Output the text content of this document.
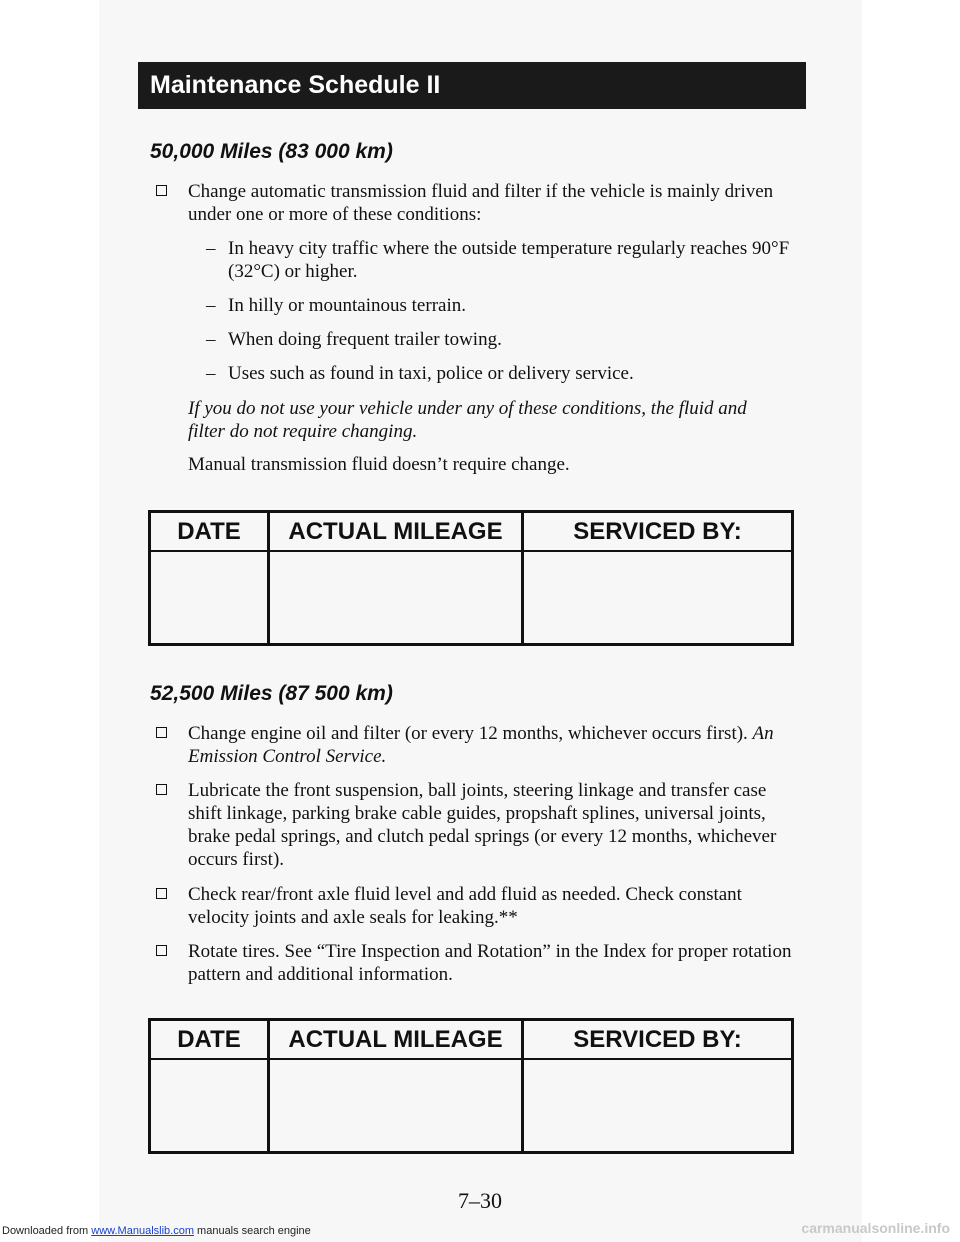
Maintenance Schedule II
50,000 Miles (83 000 km)
Change automatic transmission fluid and filter if the vehicle is mainly driven under one or more of these conditions:
– In heavy city traffic where the outside temperature regularly reaches 90°F (32°C) or higher.
– In hilly or mountainous terrain.
– When doing frequent trailer towing.
– Uses such as found in taxi, police or delivery service.
If you do not use your vehicle under any of these conditions, the fluid and filter do not require changing.
Manual transmission fluid doesn’t require change.
DATE	ACTUAL MILEAGE	SERVICED BY:
52,500 Miles (87 500 km)
Change engine oil and filter (or every 12 months, whichever occurs first). An Emission Control Service.
Lubricate the front suspension, ball joints, steering linkage and transfer case shift linkage, parking brake cable guides, propshaft splines, universal joints, brake pedal springs, and clutch pedal springs (or every 12 months, whichever occurs first).
Check rear/front axle fluid level and add fluid as needed. Check constant velocity joints and axle seals for leaking.**
Rotate tires. See “Tire Inspection and Rotation” in the Index for proper rotation pattern and additional information.
DATE	ACTUAL MILEAGE	SERVICED BY:
7–30
Downloaded from www.Manualslib.com manuals search engine	carmanualsonline.info
